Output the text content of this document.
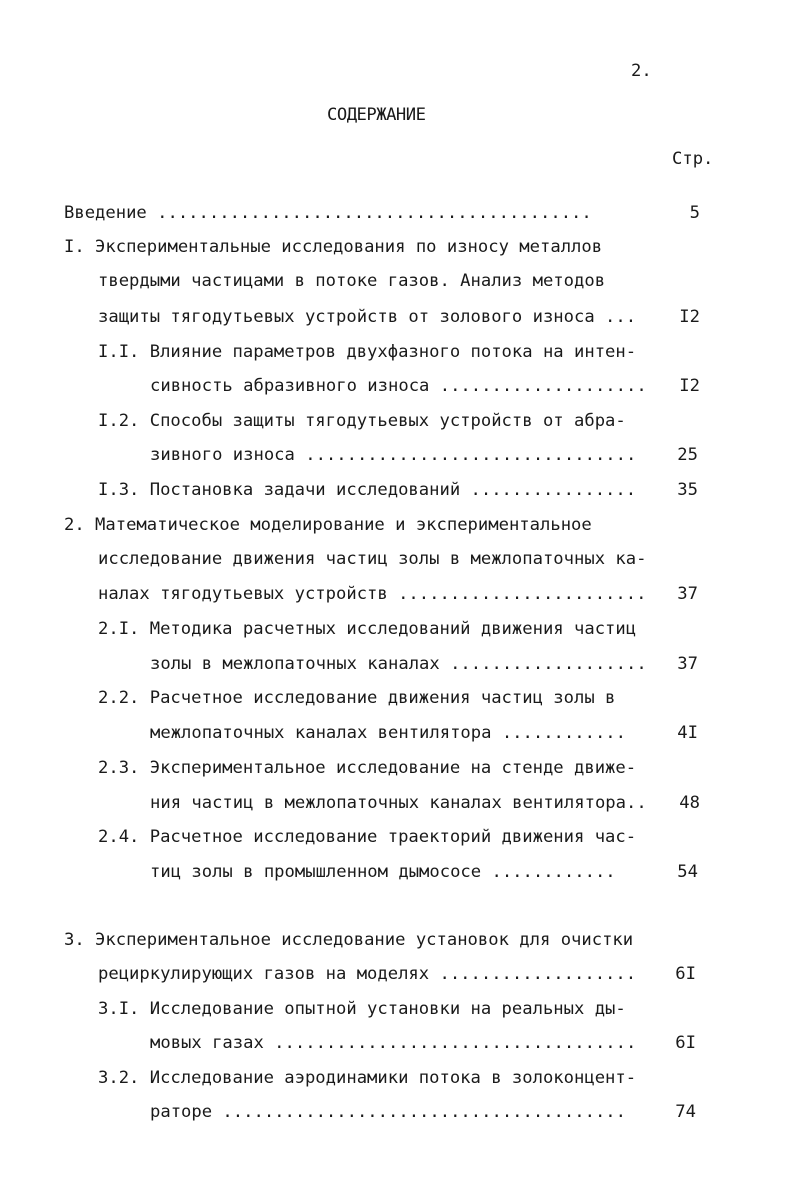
2.
СОДЕРЖАНИЕ
Стр.
Введение ..........................................	5
I. Экспериментальные исследования по износу металлов
твердыми частицами в потоке газов. Анализ методов
защиты тягодутьевых устройств от золового износа ...	I2
I.I. Влияние параметров двухфазного потока на интен-
сивность абразивного износа .................... I2
I.2. Способы защиты тягодутьевых устройств от абра-
зивного износа ................................ 25
I.3. Постановка задачи исследований ................ 35
2. Математическое моделирование и экспериментальное
исследование движения частиц золы в межлопаточных ка-
налах тягодутьевых устройств ........................ 37
2.I. Методика расчетных исследований движения частиц
золы в межлопаточных каналах ................... 37
2.2. Расчетное исследование движения частиц золы в
межлопаточных каналах вентилятора ............	4I
2.3. Экспериментальное исследование на стенде движе-
ния частиц в межлопаточных каналах вентилятора.. 48
2.4. Расчетное исследование траекторий движения час-
тиц золы в промышленном дымососе ............	54
3. Экспериментальное исследование установок для очистки
рециркулирующих газов на моделях ................... 6I
3.I. Исследование опытной установки на реальных ды-
мовых газах ................................... 6I
3.2. Исследование аэродинамики потока в золоконцент-
раторе .......................................	74
